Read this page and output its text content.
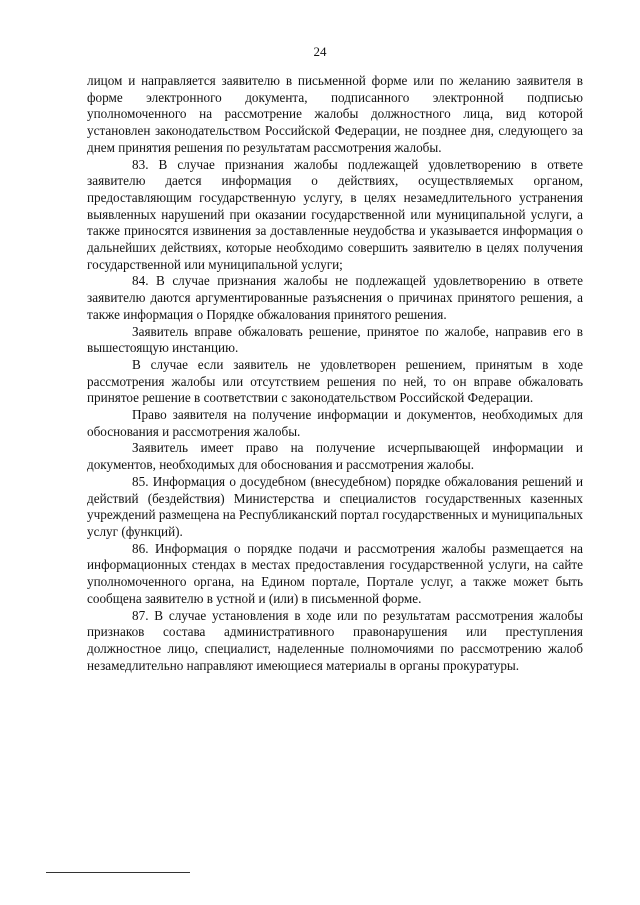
24

лицом и направляется заявителю в письменной форме или по желанию заявителя в форме электронного документа, подписанного электронной подписью уполномоченного на рассмотрение жалобы должностного лица, вид которой установлен законодательством Российской Федерации, не позднее дня, следующего за днем принятия решения по результатам рассмотрения жалобы.

83. В случае признания жалобы подлежащей удовлетворению в ответе заявителю дается информация о действиях, осуществляемых органом, предоставляющим государственную услугу, в целях незамедлительного устранения выявленных нарушений при оказании государственной или муниципальной услуги, а также приносятся извинения за доставленные неудобства и указывается информация о дальнейших действиях, которые необходимо совершить заявителю в целях получения государственной или муниципальной услуги;

84. В случае признания жалобы не подлежащей удовлетворению в ответе заявителю даются аргументированные разъяснения о причинах принятого решения, а также информация о Порядке обжалования принятого решения.

Заявитель вправе обжаловать решение, принятое по жалобе, направив его в вышестоящую инстанцию.

В случае если заявитель не удовлетворен решением, принятым в ходе рассмотрения жалобы или отсутствием решения по ней, то он вправе обжаловать принятое решение в соответствии с законодательством Российской Федерации.

Право заявителя на получение информации и документов, необходимых для обоснования и рассмотрения жалобы.

Заявитель имеет право на получение исчерпывающей информации и документов, необходимых для обоснования и рассмотрения жалобы.

85. Информация о досудебном (внесудебном) порядке обжалования решений и действий (бездействия) Министерства и специалистов государственных казенных учреждений размещена на Республиканский портал государственных и муниципальных услуг (функций).

86. Информация о порядке подачи и рассмотрения жалобы размещается на информационных стендах в местах предоставления государственной услуги, на сайте уполномоченного органа, на Едином портале, Портале услуг, а также может быть сообщена заявителю в устной и (или) в письменной форме.

87. В случае установления в ходе или по результатам рассмотрения жалобы признаков состава административного правонарушения или преступления должностное лицо, специалист, наделенные полномочиями по рассмотрению жалоб незамедлительно направляют имеющиеся материалы в органы прокуратуры.
